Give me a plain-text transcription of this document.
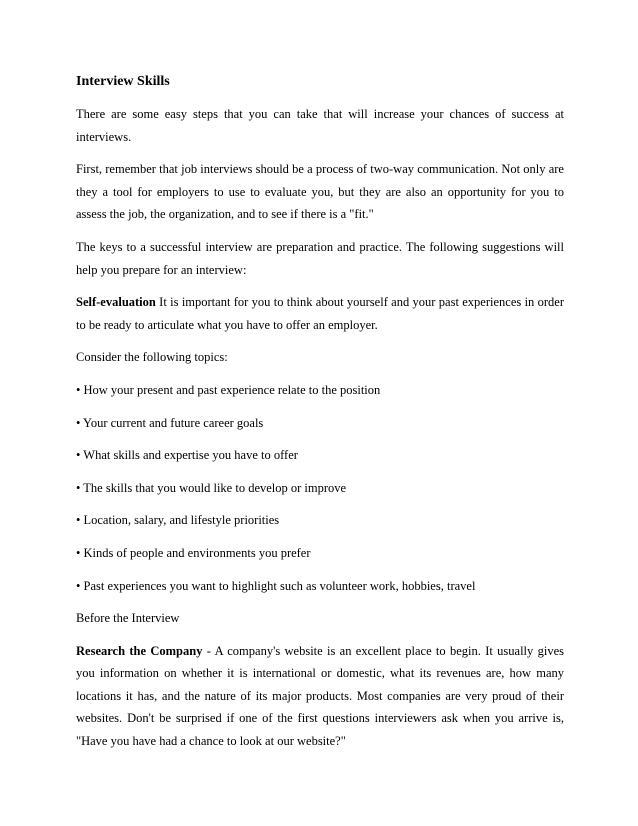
Interview Skills

There are some easy steps that you can take that will increase your chances of success at interviews.

First, remember that job interviews should be a process of two-way communication. Not only are they a tool for employers to use to evaluate you, but they are also an opportunity for you to assess the job, the organization, and to see if there is a "fit."

The keys to a successful interview are preparation and practice. The following suggestions will help you prepare for an interview:

Self-evaluation It is important for you to think about yourself and your past experiences in order to be ready to articulate what you have to offer an employer.

Consider the following topics:

• How your present and past experience relate to the position
• Your current and future career goals
• What skills and expertise you have to offer
• The skills that you would like to develop or improve
• Location, salary, and lifestyle priorities
• Kinds of people and environments you prefer
• Past experiences you want to highlight such as volunteer work, hobbies, travel

Before the Interview

Research the Company - A company's website is an excellent place to begin. It usually gives you information on whether it is international or domestic, what its revenues are, how many locations it has, and the nature of its major products. Most companies are very proud of their websites. Don't be surprised if one of the first questions interviewers ask when you arrive is, "Have you have had a chance to look at our website?"
